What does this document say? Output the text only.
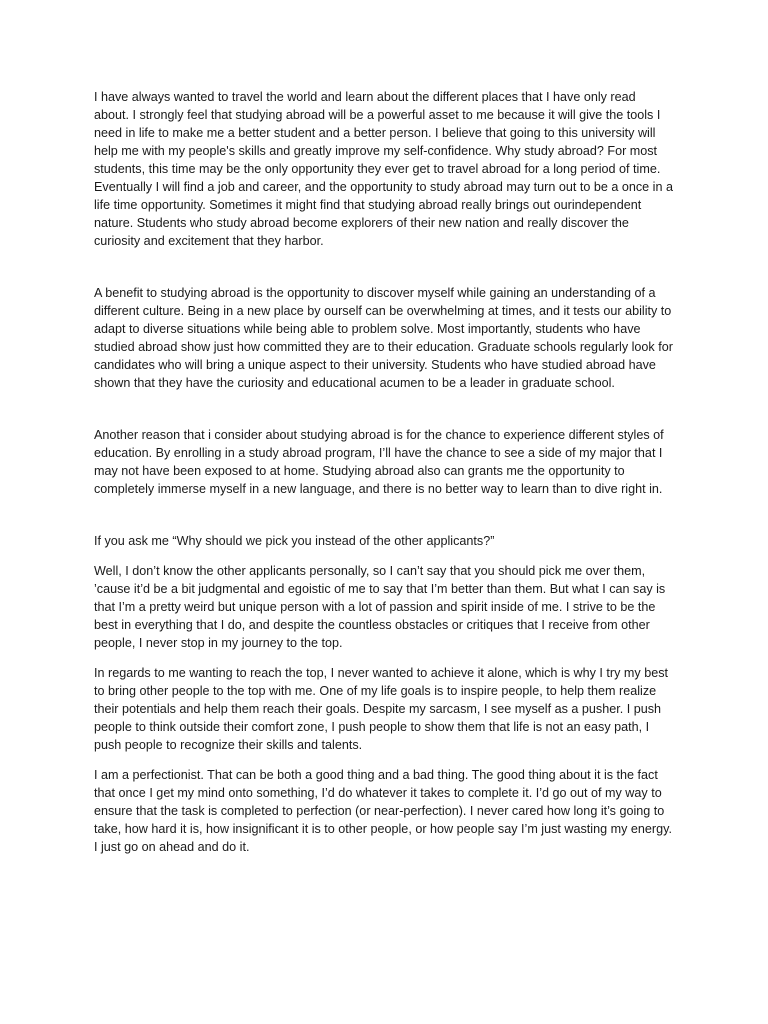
I have always wanted to travel the world and learn about the different places that I have only read about. I strongly feel that studying abroad will be a powerful asset to me because it will give the tools I need in life to make me a better student and a better person. I believe that going to this university will help me with my people's skills and greatly improve my self-confidence. Why study abroad? For most students, this time may be the only opportunity they ever get to travel abroad for a long period of time. Eventually I will find a job and career, and the opportunity to study abroad may turn out to be a once in a life time opportunity. Sometimes it might find that studying abroad really brings out ourindependent nature. Students who study abroad become explorers of their new nation and really discover the curiosity and excitement that they harbor.

A benefit to studying abroad is the opportunity to discover myself while gaining an understanding of a different culture. Being in a new place by ourself can be overwhelming at times, and it tests our ability to adapt to diverse situations while being able to problem solve. Most importantly, students who have studied abroad show just how committed they are to their education. Graduate schools regularly look for candidates who will bring a unique aspect to their university. Students who have studied abroad have shown that they have the curiosity and educational acumen to be a leader in graduate school.

Another reason that i consider about studying abroad is for the chance to experience different styles of education. By enrolling in a study abroad program, I’ll have the chance to see a side of my major that I may not have been exposed to at home. Studying abroad also can grants me the opportunity to completely immerse myself in a new language, and there is no better way to learn than to dive right in.

If you ask me “Why should we pick you instead of the other applicants?”

Well, I don’t know the other applicants personally, so I can’t say that you should pick me over them, ’cause it’d be a bit judgmental and egoistic of me to say that I’m better than them. But what I can say is that I’m a pretty weird but unique person with a lot of passion and spirit inside of me. I strive to be the best in everything that I do, and despite the countless obstacles or critiques that I receive from other people, I never stop in my journey to the top.

In regards to me wanting to reach the top, I never wanted to achieve it alone, which is why I try my best to bring other people to the top with me. One of my life goals is to inspire people, to help them realize their potentials and help them reach their goals. Despite my sarcasm, I see myself as a pusher. I push people to think outside their comfort zone, I push people to show them that life is not an easy path, I push people to recognize their skills and talents.

I am a perfectionist. That can be both a good thing and a bad thing. The good thing about it is the fact that once I get my mind onto something, I’d do whatever it takes to complete it. I’d go out of my way to ensure that the task is completed to perfection (or near-perfection). I never cared how long it’s going to take, how hard it is, how insignificant it is to other people, or how people say I’m just wasting my energy. I just go on ahead and do it.
